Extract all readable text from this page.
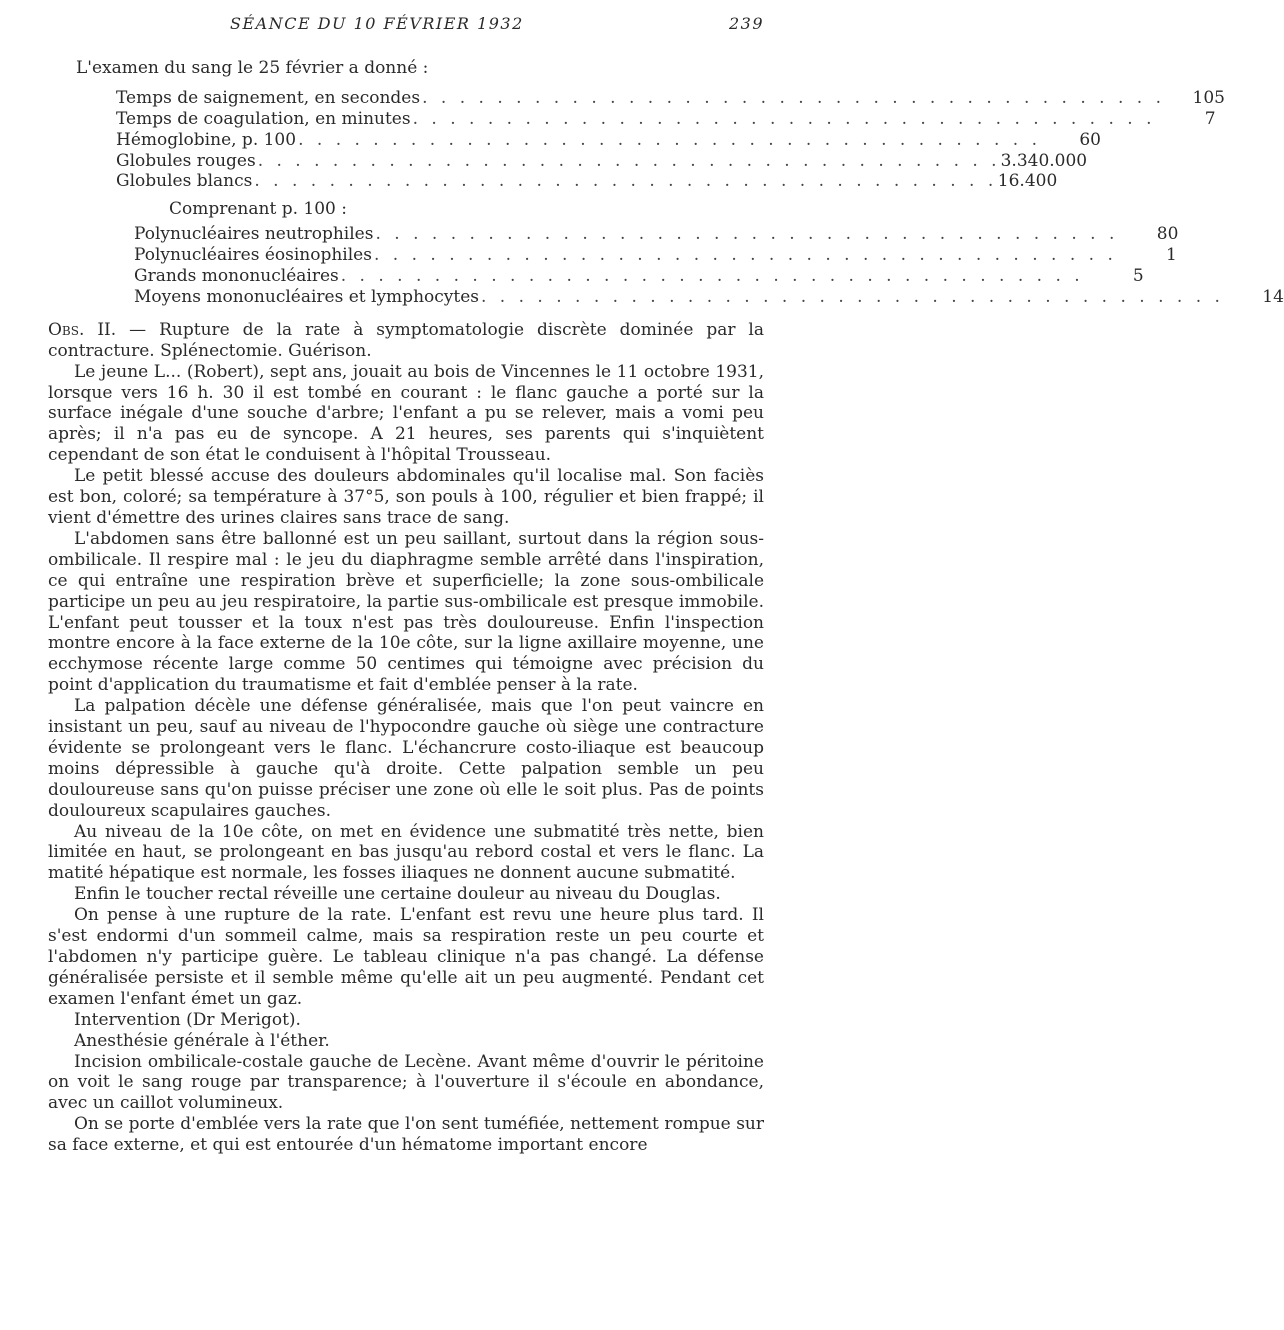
SÉANCE DU 10 FÉVRIER 1932	239
L'examen du sang le 25 février a donné :
Temps de saignement, en secondes . . . . . . . . . . . . . . . . . . . . . . . . . . . . . . . . . . . . . . . .	105
Temps de coagulation, en minutes . . . . . . . . . . . . . . . . . . . . . . . . . . . . . . . . . . . . . . . .	7
Hémoglobine, p. 100 . . . . . . . . . . . . . . . . . . . . . . . . . . . . . . . . . . . . . . . .	60
Globules rouges . . . . . . . . . . . . . . . . . . . . . . . . . . . . . . . . . . . . . . . . 3.340.000
Globules blancs . . . . . . . . . . . . . . . . . . . . . . . . . . . . . . . . . . . . . . . . 16.400
Comprenant p. 100 :
Polynucléaires neutrophiles . . . . . . . . . . . . . . . . . . . . . . . . . . . . . . . . . . . . . . . .	80
Polynucléaires éosinophiles . . . . . . . . . . . . . . . . . . . . . . . . . . . . . . . . . . . . . . . .	1
Grands mononucléaires . . . . . . . . . . . . . . . . . . . . . . . . . . . . . . . . . . . . . . . .	5
Moyens mononucléaires et lymphocytes . . . . . . . . . . . . . . . . . . . . . . . . . . . . . . . . . . . . . . . .	14

Obs. II. — Rupture de la rate à symptomatologie discrète dominée par la contracture. Splénectomie. Guérison.

Le jeune L... (Robert), sept ans, jouait au bois de Vincennes le 11 octobre 1931, lorsque vers 16 h. 30 il est tombé en courant : le flanc gauche a porté sur la surface inégale d'une souche d'arbre; l'enfant a pu se relever, mais a vomi peu après; il n'a pas eu de syncope. A 21 heures, ses parents qui s'inquiètent cependant de son état le conduisent à l'hôpital Trousseau.

Le petit blessé accuse des douleurs abdominales qu'il localise mal. Son faciès est bon, coloré; sa température à 37°5, son pouls à 100, régulier et bien frappé; il vient d'émettre des urines claires sans trace de sang.

L'abdomen sans être ballonné est un peu saillant, surtout dans la région sous-ombilicale. Il respire mal : le jeu du diaphragme semble arrêté dans l'inspiration, ce qui entraîne une respiration brève et superficielle; la zone sous-ombilicale participe un peu au jeu respiratoire, la partie sus-ombilicale est presque immobile. L'enfant peut tousser et la toux n'est pas très douloureuse. Enfin l'inspection montre encore à la face externe de la 10e côte, sur la ligne axillaire moyenne, une ecchymose récente large comme 50 centimes qui témoigne avec précision du point d'application du traumatisme et fait d'emblée penser à la rate.

La palpation décèle une défense généralisée, mais que l'on peut vaincre en insistant un peu, sauf au niveau de l'hypocondre gauche où siège une contracture évidente se prolongeant vers le flanc. L'échancrure costo-iliaque est beaucoup moins dépressible à gauche qu'à droite. Cette palpation semble un peu douloureuse sans qu'on puisse préciser une zone où elle le soit plus. Pas de points douloureux scapulaires gauches.

Au niveau de la 10e côte, on met en évidence une submatité très nette, bien limitée en haut, se prolongeant en bas jusqu'au rebord costal et vers le flanc. La matité hépatique est normale, les fosses iliaques ne donnent aucune submatité.

Enfin le toucher rectal réveille une certaine douleur au niveau du Douglas.

On pense à une rupture de la rate. L'enfant est revu une heure plus tard. Il s'est endormi d'un sommeil calme, mais sa respiration reste un peu courte et l'abdomen n'y participe guère. Le tableau clinique n'a pas changé. La défense généralisée persiste et il semble même qu'elle ait un peu augmenté. Pendant cet examen l'enfant émet un gaz.

Intervention (Dr Merigot).

Anesthésie générale à l'éther.

Incision ombilicale-costale gauche de Lecène. Avant même d'ouvrir le péritoine on voit le sang rouge par transparence; à l'ouverture il s'écoule en abondance, avec un caillot volumineux.

On se porte d'emblée vers la rate que l'on sent tuméfiée, nettement rompue sur sa face externe, et qui est entourée d'un hématome important encore
